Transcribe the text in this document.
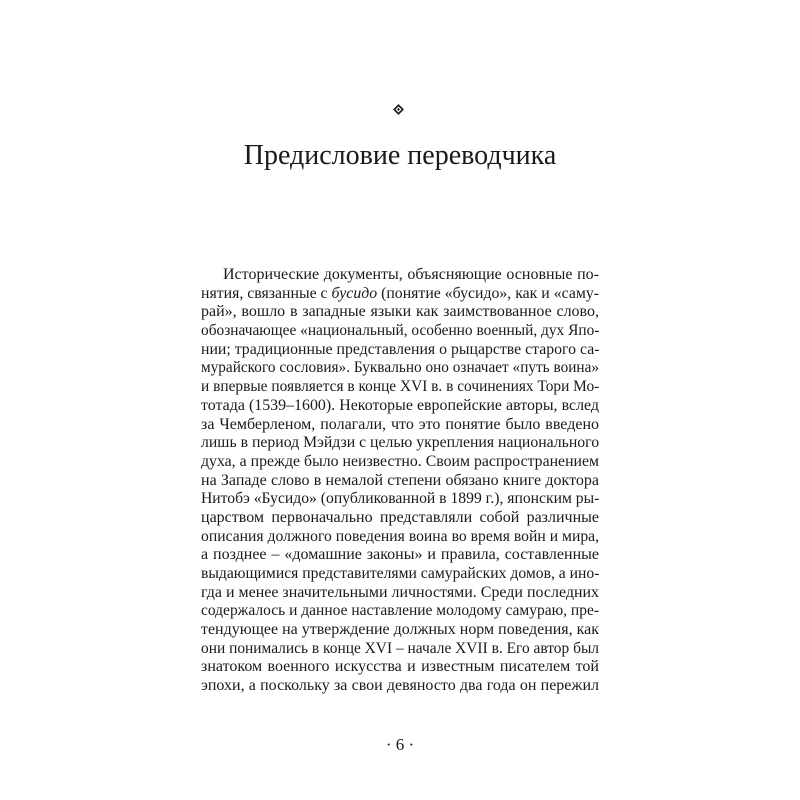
Предисловие переводчика
Исторические документы, объясняющие основные по-
нятия, связанные с бусидо (понятие «бусидо», как и «саму-
рай», вошло в западные языки как заимствованное слово,
обозначающее «национальный, особенно военный, дух Япо-
нии; традиционные представления о рыцарстве старого са-
мурайского сословия». Буквально оно означает «путь воина»
и впервые появляется в конце XVI в. в сочинениях Тори Мо-
тотада (1539–1600). Некоторые европейские авторы, вслед
за Чемберленом, полагали, что это понятие было введено
лишь в период Мэйдзи с целью укрепления национального
духа, а прежде было неизвестно. Своим распространением
на Западе слово в немалой степени обязано книге доктора
Нитобэ «Бусидо» (опубликованной в 1899 г.), японским ры-
царством первоначально представляли собой различные
описания должного поведения воина во время войн и мира,
а позднее – «домашние законы» и правила, составленные
выдающимися представителями самурайских домов, а ино-
гда и менее значительными личностями. Среди последних
содержалось и данное наставление молодому самураю, пре-
тендующее на утверждение должных норм поведения, как
они понимались в конце XVI – начале XVII в. Его автор был
знатоком военного искусства и известным писателем той
эпохи, а поскольку за свои девяносто два года он пережил
· 6 ·
